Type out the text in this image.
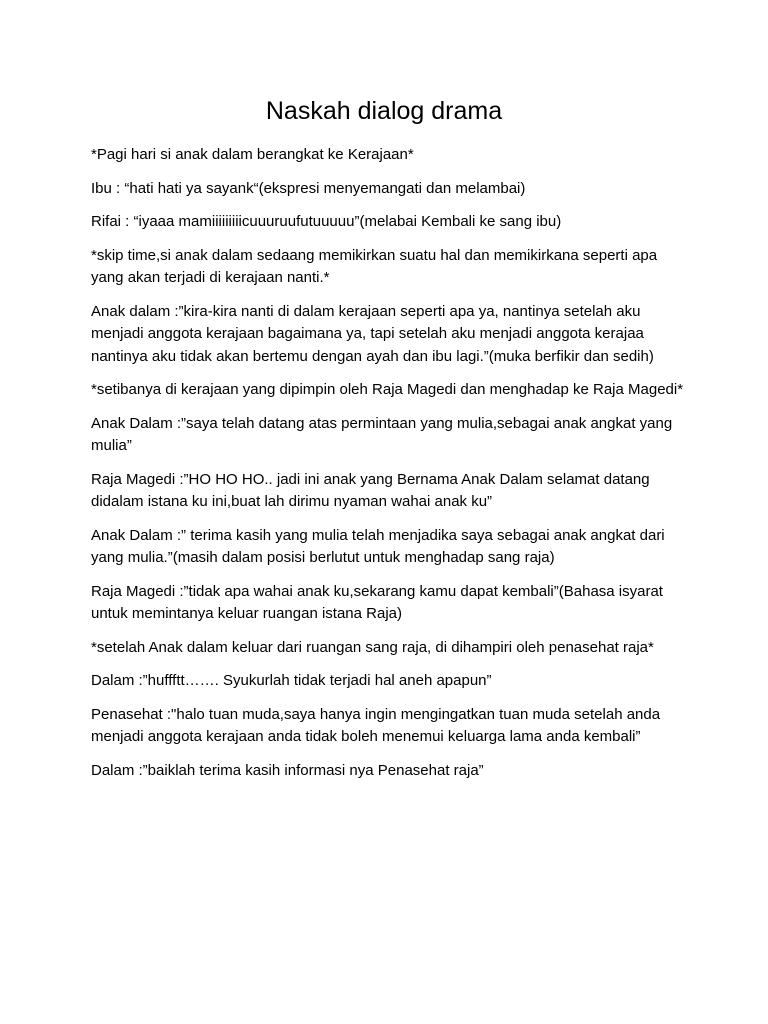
Naskah dialog drama

*Pagi hari si anak dalam berangkat ke Kerajaan*

Ibu : “hati hati ya sayank“(ekspresi menyemangati dan melambai)

Rifai : “iyaaa mamiiiiiiiiicuuuruufutuuuuu”(melabai Kembali ke sang ibu)

*skip time,si anak dalam sedaang memikirkan suatu hal dan memikirkana seperti apa yang akan terjadi di kerajaan nanti.*

Anak dalam :”kira-kira nanti di dalam kerajaan seperti apa ya, nantinya setelah aku menjadi anggota kerajaan bagaimana ya, tapi setelah aku menjadi anggota kerajaa nantinya aku tidak akan bertemu dengan ayah dan ibu lagi.”(muka berfikir dan sedih)

*setibanya di kerajaan yang dipimpin oleh Raja Magedi dan menghadap ke Raja Magedi*

Anak Dalam :”saya telah datang atas permintaan yang mulia,sebagai anak angkat yang mulia”

Raja Magedi :”HO HO HO.. jadi ini anak yang Bernama Anak Dalam selamat datang didalam istana ku ini,buat lah dirimu nyaman wahai anak ku”

Anak Dalam :” terima kasih yang mulia telah menjadika saya sebagai anak angkat dari yang mulia.”(masih dalam posisi berlutut untuk menghadap sang raja)

Raja Magedi :”tidak apa wahai anak ku,sekarang kamu dapat kembali”(Bahasa isyarat untuk memintanya keluar ruangan istana Raja)

*setelah Anak dalam keluar dari ruangan sang raja, di dihampiri oleh penasehat raja*

Dalam :”huffftt……. Syukurlah tidak terjadi hal aneh apapun”

Penasehat :"halo tuan muda,saya hanya ingin mengingatkan tuan muda setelah anda menjadi anggota kerajaan anda tidak boleh menemui keluarga lama anda kembali”

Dalam :”baiklah terima kasih informasi nya Penasehat raja”
